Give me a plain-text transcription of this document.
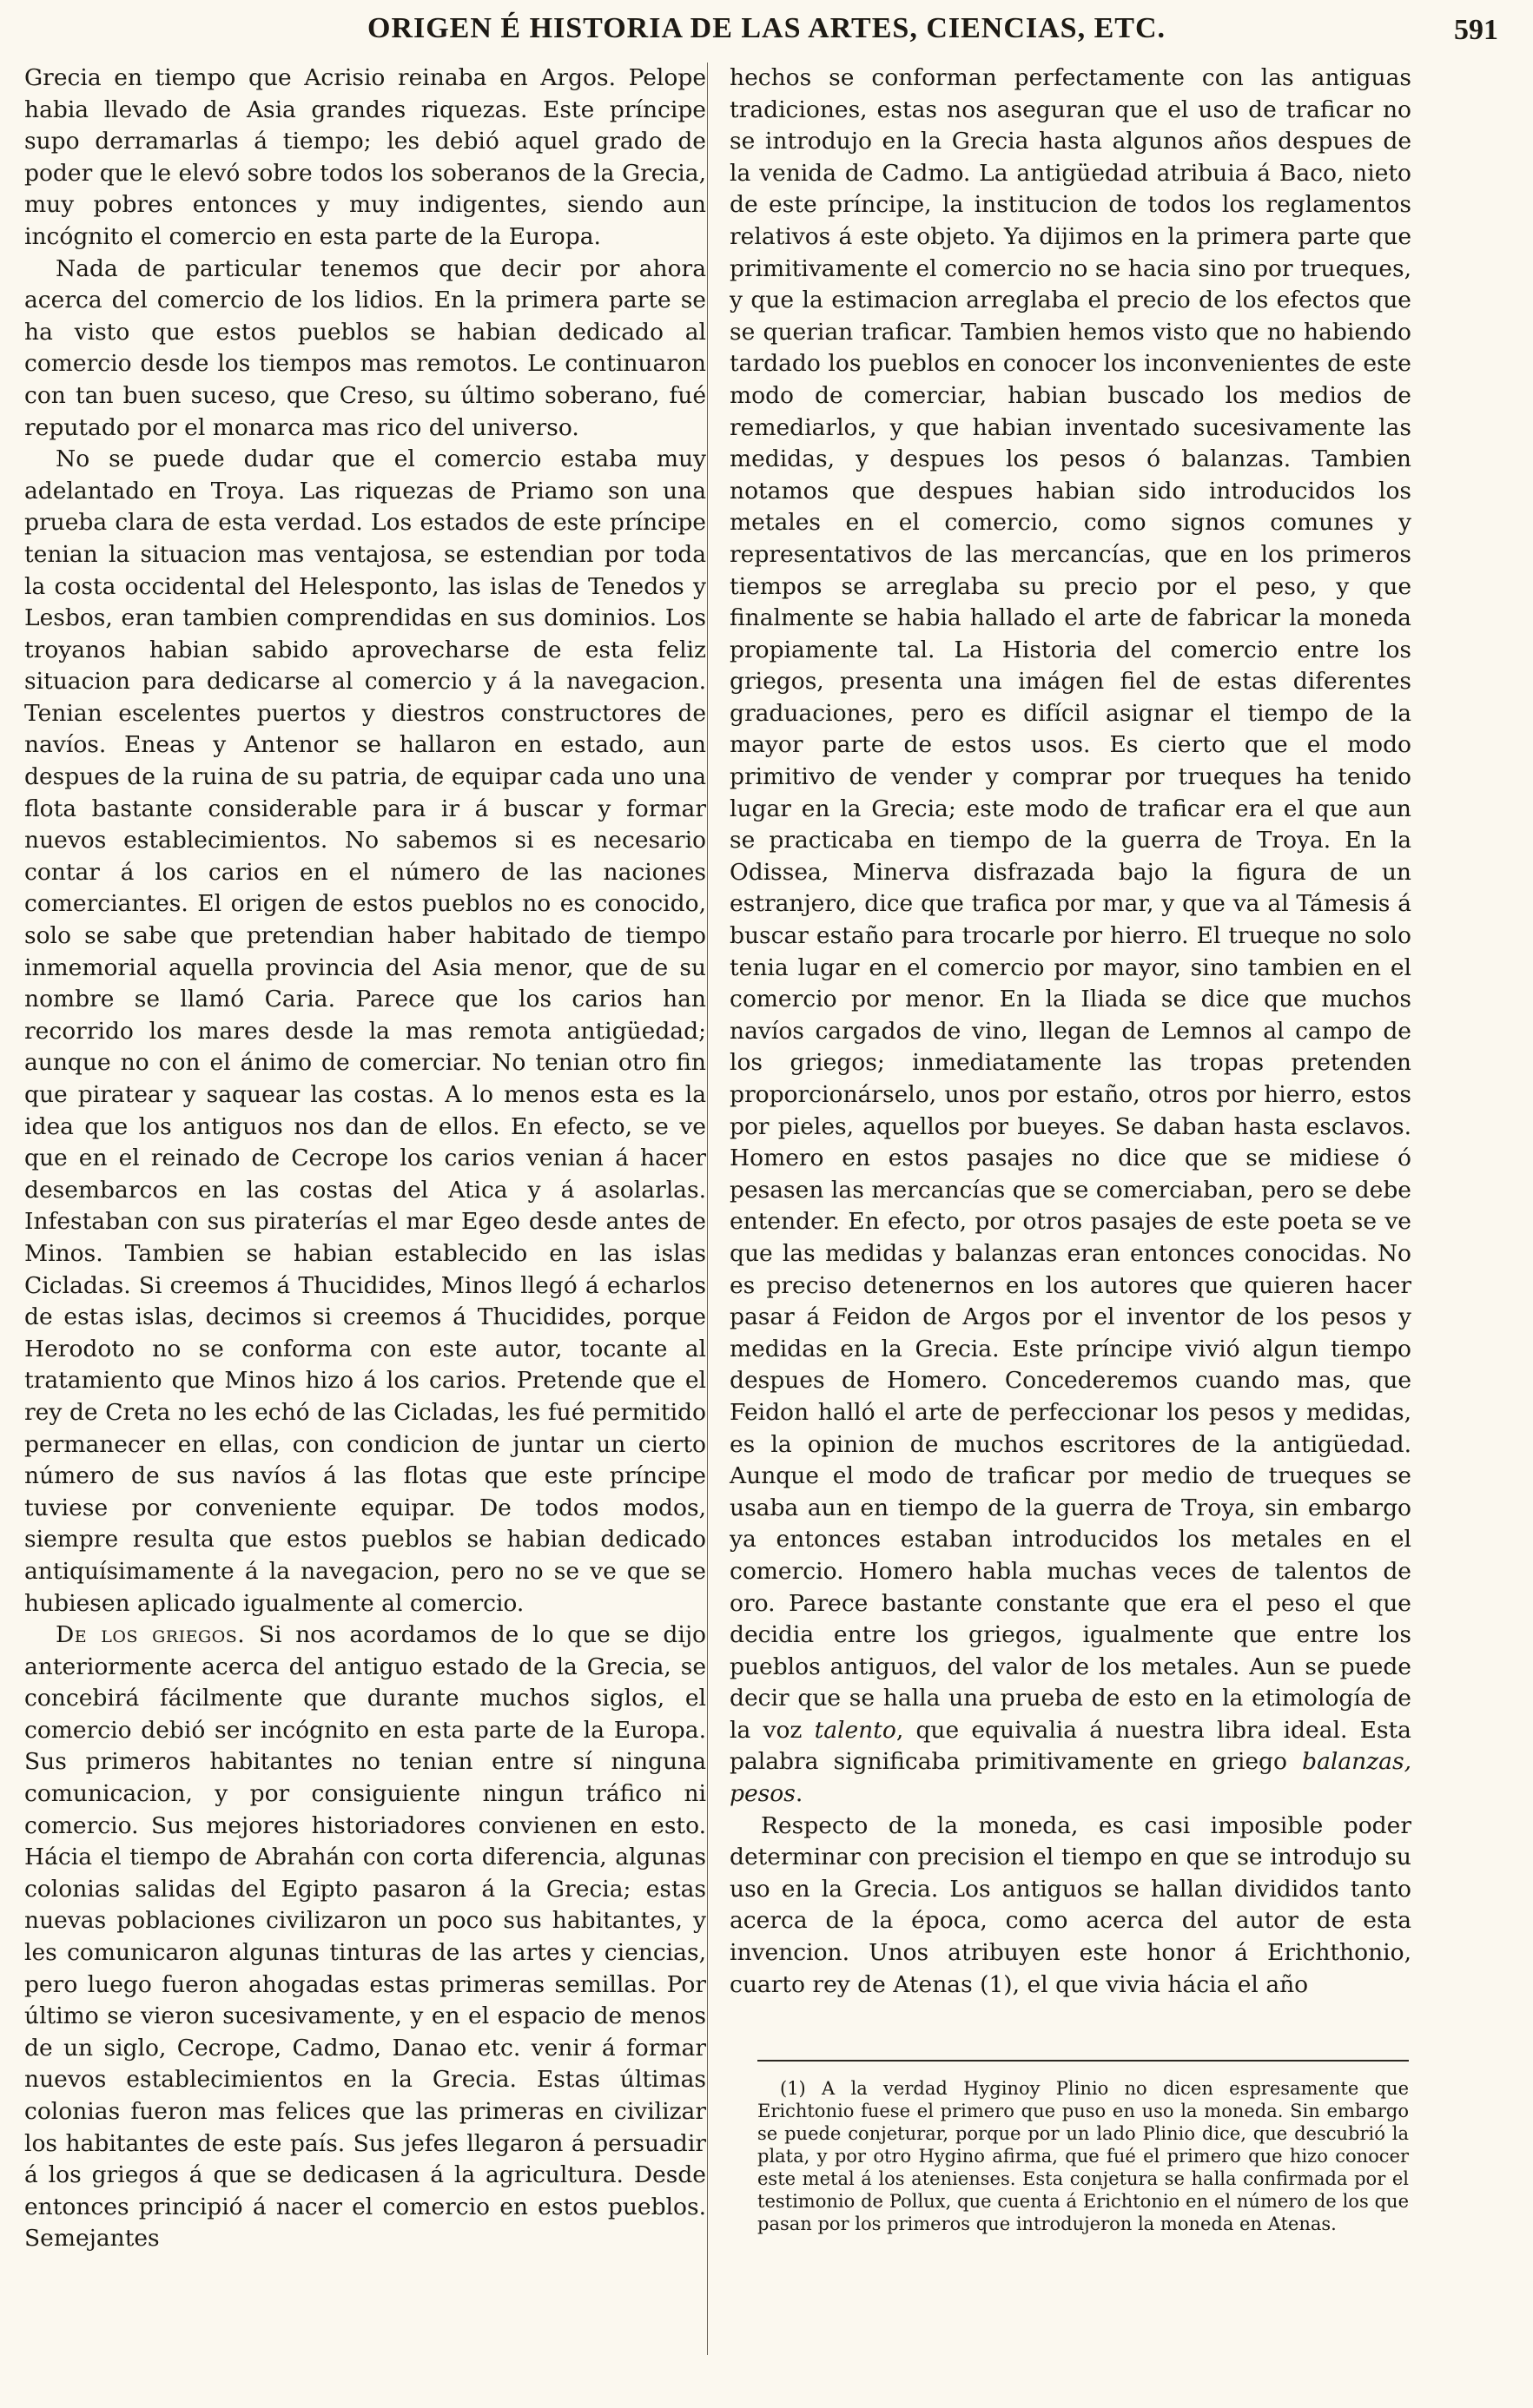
ORIGEN É HISTORIA DE LAS ARTES, CIENCIAS, ETC.	591

Grecia en tiempo que Acrisio reinaba en Argos. Pelope habia llevado de Asia grandes riquezas. Este príncipe supo derramarlas á tiempo; les debió aquel grado de poder que le elevó sobre todos los soberanos de la Grecia, muy pobres entonces y muy indigentes, siendo aun incógnito el comercio en esta parte de la Europa.

Nada de particular tenemos que decir por ahora acerca del comercio de los lidios. En la primera parte se ha visto que estos pueblos se habian dedicado al comercio desde los tiempos mas remotos. Le continuaron con tan buen suceso, que Creso, su último soberano, fué reputado por el monarca mas rico del universo.

No se puede dudar que el comercio estaba muy adelantado en Troya. Las riquezas de Priamo son una prueba clara de esta verdad. Los estados de este príncipe tenian la situacion mas ventajosa, se estendian por toda la costa occidental del Helesponto, las islas de Tenedos y Lesbos, eran tambien comprendidas en sus dominios. Los troyanos habian sabido aprovecharse de esta feliz situacion para dedicarse al comercio y á la navegacion. Tenian escelentes puertos y diestros constructores de navíos. Eneas y Antenor se hallaron en estado, aun despues de la ruina de su patria, de equipar cada uno una flota bastante considerable para ir á buscar y formar nuevos establecimientos. No sabemos si es necesario contar á los carios en el número de las naciones comerciantes. El origen de estos pueblos no es conocido, solo se sabe que pretendian haber habitado de tiempo inmemorial aquella provincia del Asia menor, que de su nombre se llamó Caria. Parece que los carios han recorrido los mares desde la mas remota antigüedad; aunque no con el ánimo de comerciar. No tenian otro fin que piratear y saquear las costas. A lo menos esta es la idea que los antiguos nos dan de ellos. En efecto, se ve que en el reinado de Cecrope los carios venian á hacer desembarcos en las costas del Atica y á asolarlas. Infestaban con sus piraterías el mar Egeo desde antes de Minos. Tambien se habian establecido en las islas Cicladas. Si creemos á Thucidides, Minos llegó á echarlos de estas islas, decimos si creemos á Thucidides, porque Herodoto no se conforma con este autor, tocante al tratamiento que Minos hizo á los carios. Pretende que el rey de Creta no les echó de las Cicladas, les fué permitido permanecer en ellas, con condicion de juntar un cierto número de sus navíos á las flotas que este príncipe tuviese por conveniente equipar. De todos modos, siempre resulta que estos pueblos se habian dedicado antiquísimamente á la navegacion, pero no se ve que se hubiesen aplicado igualmente al comercio.

De los griegos. Si nos acordamos de lo que se dijo anteriormente acerca del antiguo estado de la Grecia, se concebirá fácilmente que durante muchos siglos, el comercio debió ser incógnito en esta parte de la Europa. Sus primeros habitantes no tenian entre sí ninguna comunicacion, y por consiguiente ningun tráfico ni comercio. Sus mejores historiadores convienen en esto. Hácia el tiempo de Abrahán con corta diferencia, algunas colonias salidas del Egipto pasaron á la Grecia; estas nuevas poblaciones civilizaron un poco sus habitantes, y les comunicaron algunas tinturas de las artes y ciencias, pero luego fueron ahogadas estas primeras semillas. Por último se vieron sucesivamente, y en el espacio de menos de un siglo, Cecrope, Cadmo, Danao etc. venir á formar nuevos establecimientos en la Grecia. Estas últimas colonias fueron mas felices que las primeras en civilizar los habitantes de este país. Sus jefes llegaron á persuadir á los griegos á que se dedicasen á la agricultura. Desde entonces principió á nacer el comercio en estos pueblos. Semejantes

hechos se conforman perfectamente con las antiguas tradiciones, estas nos aseguran que el uso de traficar no se introdujo en la Grecia hasta algunos años despues de la venida de Cadmo. La antigüedad atribuia á Baco, nieto de este príncipe, la institucion de todos los reglamentos relativos á este objeto. Ya dijimos en la primera parte que primitivamente el comercio no se hacia sino por trueques, y que la estimacion arreglaba el precio de los efectos que se querian traficar. Tambien hemos visto que no habiendo tardado los pueblos en conocer los inconvenientes de este modo de comerciar, habian buscado los medios de remediarlos, y que habian inventado sucesivamente las medidas, y despues los pesos ó balanzas. Tambien notamos que despues habian sido introducidos los metales en el comercio, como signos comunes y representativos de las mercancías, que en los primeros tiempos se arreglaba su precio por el peso, y que finalmente se habia hallado el arte de fabricar la moneda propiamente tal. La Historia del comercio entre los griegos, presenta una imágen fiel de estas diferentes graduaciones, pero es difícil asignar el tiempo de la mayor parte de estos usos. Es cierto que el modo primitivo de vender y comprar por trueques ha tenido lugar en la Grecia; este modo de traficar era el que aun se practicaba en tiempo de la guerra de Troya. En la Odissea, Minerva disfrazada bajo la figura de un estranjero, dice que trafica por mar, y que va al Támesis á buscar estaño para trocarle por hierro. El trueque no solo tenia lugar en el comercio por mayor, sino tambien en el comercio por menor. En la Iliada se dice que muchos navíos cargados de vino, llegan de Lemnos al campo de los griegos; inmediatamente las tropas pretenden proporcionárselo, unos por estaño, otros por hierro, estos por pieles, aquellos por bueyes. Se daban hasta esclavos. Homero en estos pasajes no dice que se midiese ó pesasen las mercancías que se comerciaban, pero se debe entender. En efecto, por otros pasajes de este poeta se ve que las medidas y balanzas eran entonces conocidas. No es preciso detenernos en los autores que quieren hacer pasar á Feidon de Argos por el inventor de los pesos y medidas en la Grecia. Este príncipe vivió algun tiempo despues de Homero. Concederemos cuando mas, que Feidon halló el arte de perfeccionar los pesos y medidas, es la opinion de muchos escritores de la antigüedad. Aunque el modo de traficar por medio de trueques se usaba aun en tiempo de la guerra de Troya, sin embargo ya entonces estaban introducidos los metales en el comercio. Homero habla muchas veces de talentos de oro. Parece bastante constante que era el peso el que decidia entre los griegos, igualmente que entre los pueblos antiguos, del valor de los metales. Aun se puede decir que se halla una prueba de esto en la etimología de la voz talento, que equivalia á nuestra libra ideal. Esta palabra significaba primitivamente en griego balanzas, pesos.

Respecto de la moneda, es casi imposible poder determinar con precision el tiempo en que se introdujo su uso en la Grecia. Los antiguos se hallan divididos tanto acerca de la época, como acerca del autor de esta invencion. Unos atribuyen este honor á Erichthonio, cuarto rey de Atenas (1), el que vivia hácia el año

(1) A la verdad Hyginoy Plinio no dicen espresamente que Erichtonio fuese el primero que puso en uso la moneda. Sin embargo se puede conjeturar, porque por un lado Plinio dice, que descubrió la plata, y por otro Hygino afirma, que fué el primero que hizo conocer este metal á los atenienses. Esta conjetura se halla confirmada por el testimonio de Pollux, que cuenta á Erichtonio en el número de los que pasan por los primeros que introdujeron la moneda en Atenas.
